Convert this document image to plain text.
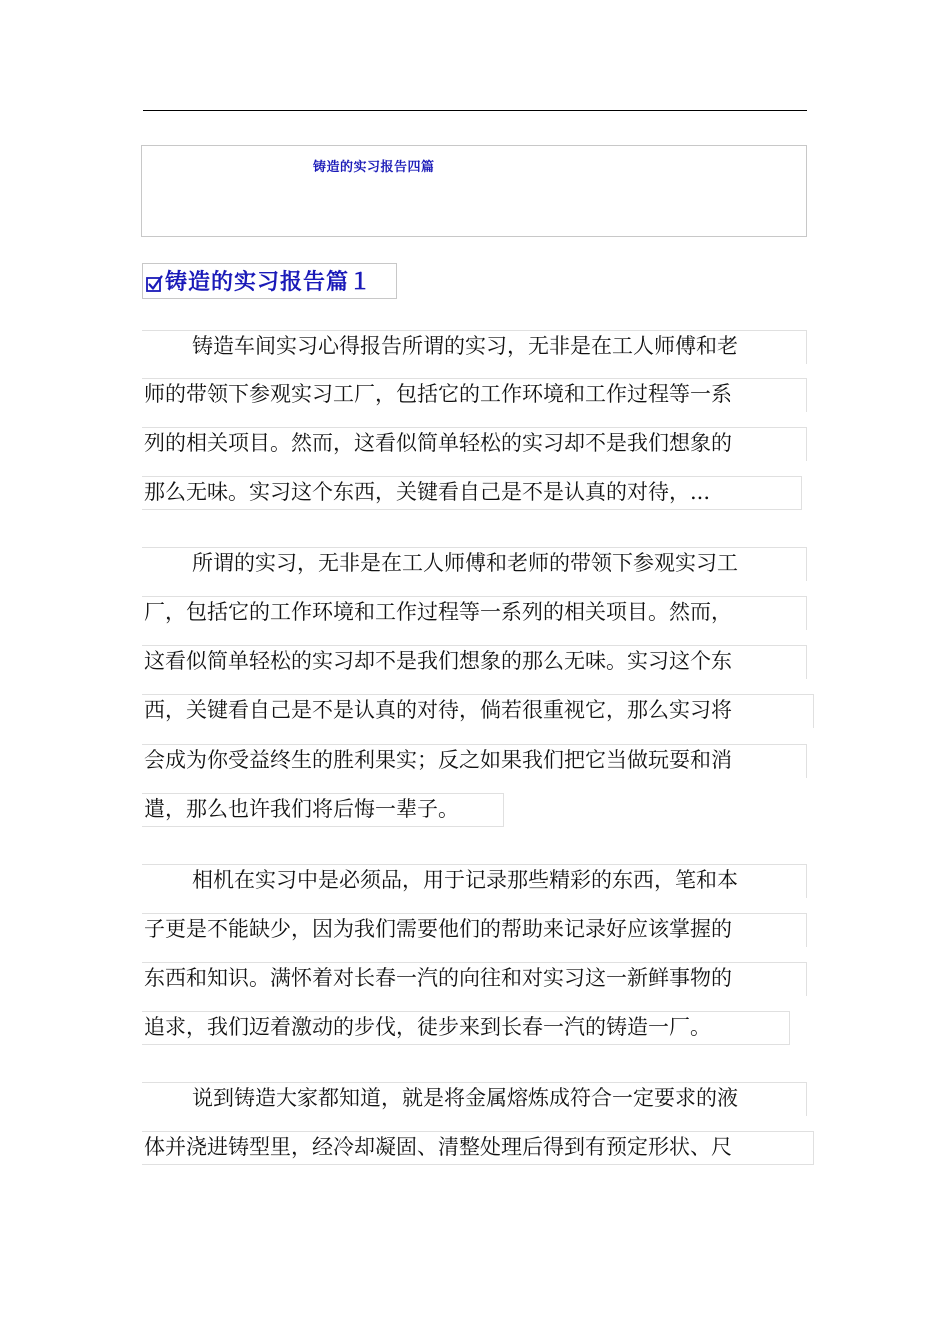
铸造的实习报告四篇
铸造的实习报告篇１
铸造车间实习心得报告所谓的实习，无非是在工人师傅和老
师的带领下参观实习工厂，包括它的工作环境和工作过程等一系
列的相关项目。然而，这看似简单轻松的实习却不是我们想象的
那么无味。实习这个东西，关键看自己是不是认真的对待，...
所谓的实习，无非是在工人师傅和老师的带领下参观实习工
厂，包括它的工作环境和工作过程等一系列的相关项目。然而，
这看似简单轻松的实习却不是我们想象的那么无味。实习这个东
西，关键看自己是不是认真的对待，倘若很重视它，那么实习将
会成为你受益终生的胜利果实；反之如果我们把它当做玩耍和消
遣，那么也许我们将后悔一辈子。
相机在实习中是必须品，用于记录那些精彩的东西，笔和本
子更是不能缺少，因为我们需要他们的帮助来记录好应该掌握的
东西和知识。满怀着对长春一汽的向往和对实习这一新鲜事物的
追求，我们迈着激动的步伐，徒步来到长春一汽的铸造一厂。
说到铸造大家都知道，就是将金属熔炼成符合一定要求的液
体并浇进铸型里，经冷却凝固、清整处理后得到有预定形状、尺
